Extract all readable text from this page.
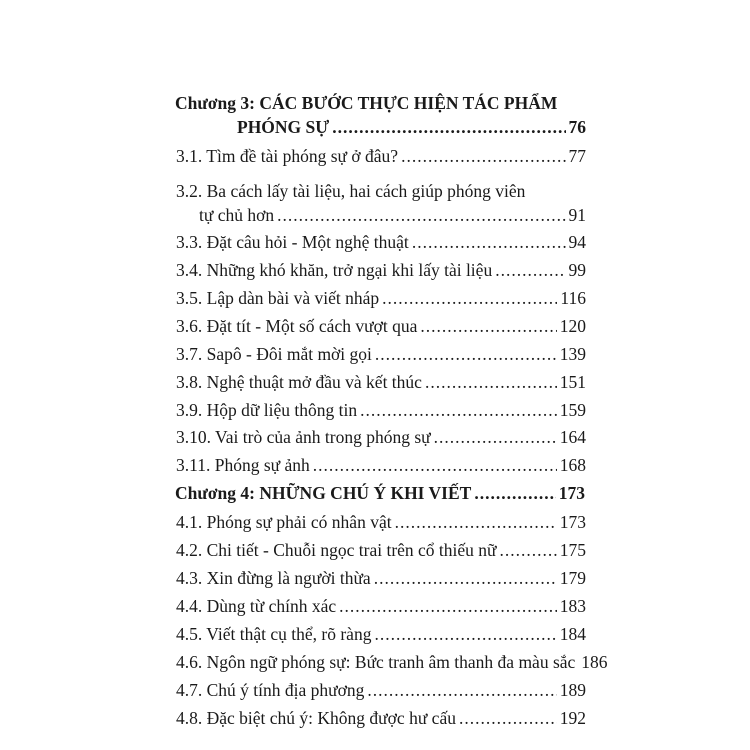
Chương 3: CÁC BƯỚC THỰC HIỆN TÁC PHẨM
PHÓNG SỰ .....	76
3.1. Tìm đề tài phóng sự ở đâu? .....	77
3.2. Ba cách lấy tài liệu, hai cách giúp phóng viên
tự chủ hơn .....	91
3.3. Đặt câu hỏi - Một nghệ thuật .....	94
3.4. Những khó khăn, trở ngại khi lấy tài liệu .....	99
3.5. Lập dàn bài và viết nháp .....	116
3.6. Đặt tít - Một số cách vượt qua .....	120
3.7. Sapô - Đôi mắt mời gọi .....	139
3.8. Nghệ thuật mở đầu và kết thúc .....	151
3.9. Hộp dữ liệu thông tin .....	159
3.10. Vai trò của ảnh trong phóng sự .....	164
3.11. Phóng sự ảnh .....	168
Chương 4: NHỮNG CHÚ Ý KHI VIẾT .....	173
4.1. Phóng sự phải có nhân vật .....	173
4.2. Chi tiết - Chuỗi ngọc trai trên cổ thiếu nữ .....	175
4.3. Xin đừng là người thừa .....	179
4.4. Dùng từ chính xác .....	183
4.5. Viết thật cụ thể, rõ ràng .....	184
4.6. Ngôn ngữ phóng sự: Bức tranh âm thanh đa màu sắc 186
4.7. Chú ý tính địa phương .....	189
4.8. Đặc biệt chú ý: Không được hư cấu .....	192
